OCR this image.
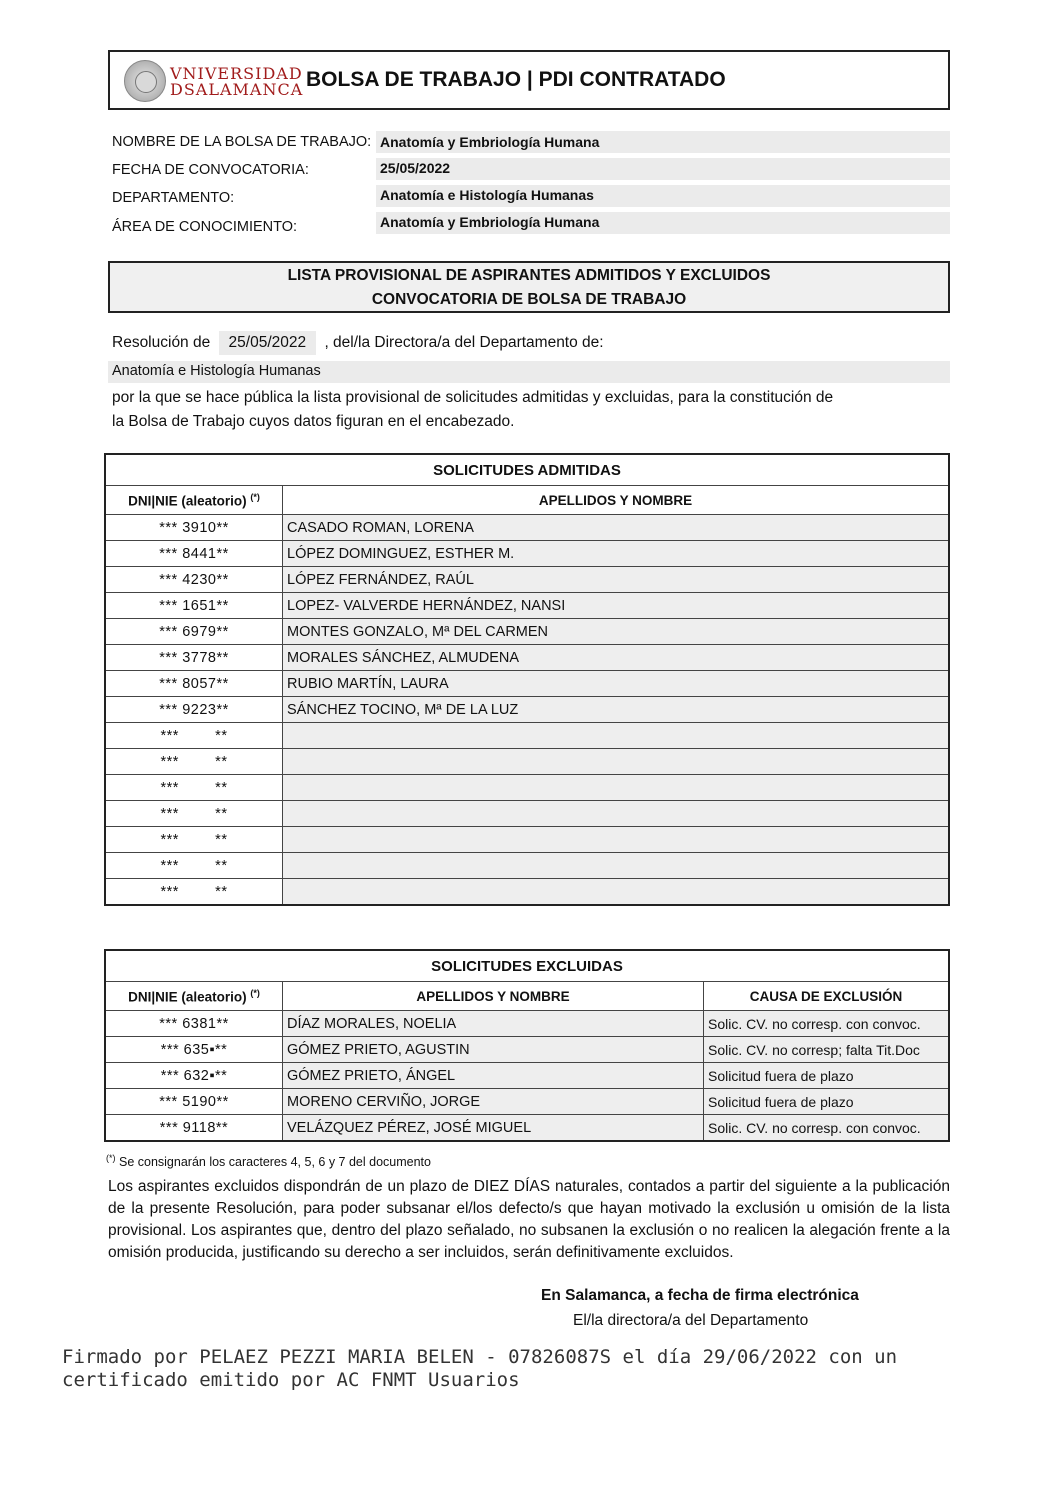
VNIVERSIDAD
DSALAMANCA BOLSA DE TRABAJO | PDI CONTRATADO
NOMBRE DE LA BOLSA DE TRABAJO: Anatomía y Embriología Humana
FECHA DE CONVOCATORIA:	25/05/2022
DEPARTAMENTO:	Anatomía e Histología Humanas
ÁREA DE CONOCIMIENTO:	Anatomía y Embriología Humana
LISTA PROVISIONAL DE ASPIRANTES ADMITIDOS Y EXCLUIDOS
CONVOCATORIA DE BOLSA DE TRABAJO
Resolución de 25/05/2022 , del/la Directora/a del Departamento de:
Anatomía e Histología Humanas
por la que se hace pública la lista provisional de solicitudes admitidas y excluidas, para la constitución de
la Bolsa de Trabajo cuyos datos figuran en el encabezado.
SOLICITUDES ADMITIDAS	
DNI|NIE (aleatorio) (*)	APELLIDOS Y NOMBRE
*** 3910**	CASADO ROMAN, LORENA
*** 8441**	LÓPEZ DOMINGUEZ, ESTHER M.
*** 4230**	LÓPEZ FERNÁNDEZ, RAÚL
*** 1651**	LOPEZ- VALVERDE HERNÁNDEZ, NANSI
*** 6979**	MONTES GONZALO, Mª DEL CARMEN
*** 3778**	MORALES SÁNCHEZ, ALMUDENA
*** 8057**	RUBIO MARTÍN, LAURA
*** 9223**	SÁNCHEZ TOCINO, Mª DE LA LUZ
***        **	
***        **	
***        **	
***        **	
***        **	
***        **	
***        **	
SOLICITUDES EXCLUIDAS		
DNI|NIE (aleatorio) (*)	APELLIDOS Y NOMBRE	CAUSA DE EXCLUSIÓN
*** 6381**	DÍAZ MORALES, NOELIA	Solic. CV. no corresp. con convoc.
*** 635▪**	GÓMEZ PRIETO, AGUSTIN	Solic. CV. no corresp; falta Tit.Doc
*** 632▪**	GÓMEZ PRIETO, ÁNGEL	Solicitud fuera de plazo
*** 5190**	MORENO CERVIÑO, JORGE	Solicitud fuera de plazo
*** 9118**	VELÁZQUEZ PÉREZ, JOSÉ MIGUEL	Solic. CV. no corresp. con convoc.
(*) Se consignarán los caracteres 4, 5, 6 y 7 del documento
Los aspirantes excluidos dispondrán de un plazo de DIEZ DÍAS naturales, contados a partir del siguiente a la publicación de la presente Resolución, para poder subsanar el/los defecto/s que hayan motivado la exclusión u omisión de la lista provisional. Los aspirantes que, dentro del plazo señalado, no subsanen la exclusión o no realicen la alegación frente a la omisión producida, justificando su derecho a ser incluidos, serán definitivamente excluidos.
En Salamanca, a fecha de firma electrónica
El/la directora/a del Departamento
Firmado por PELAEZ PEZZI MARIA BELEN - 07826087S el día 29/06/2022 con un
certificado emitido por AC FNMT Usuarios
